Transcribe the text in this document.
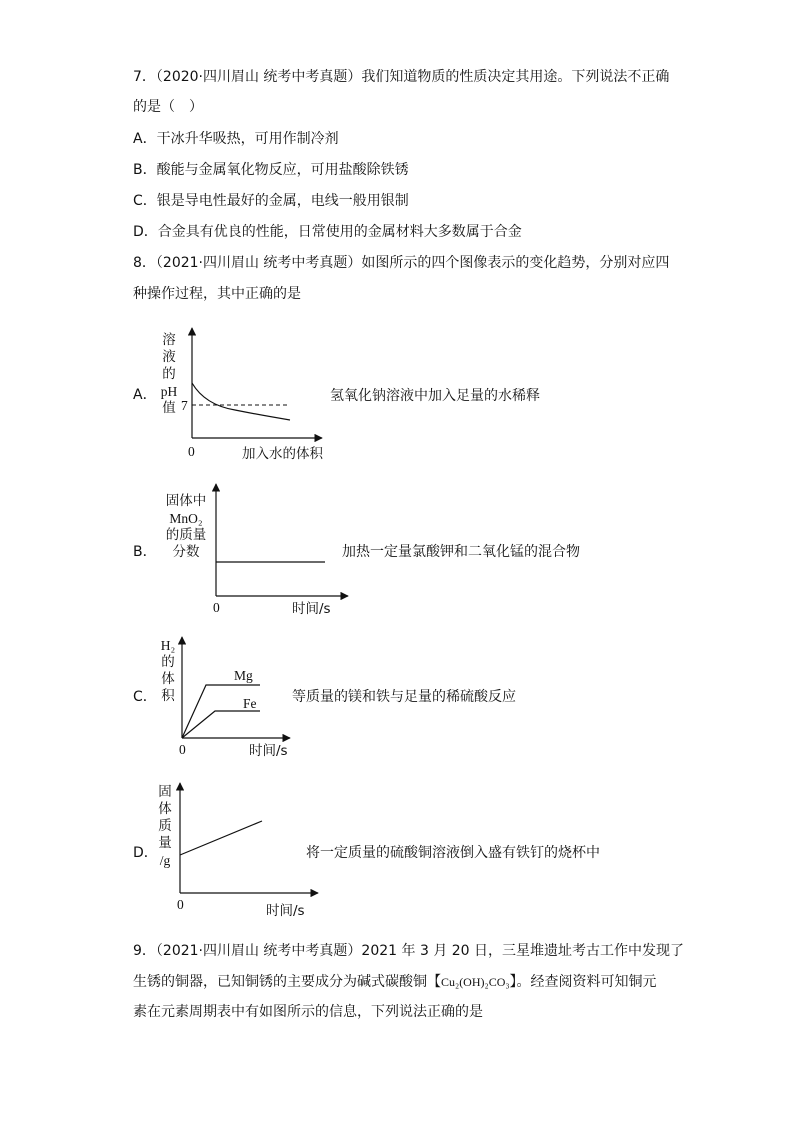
7．（2020·四川眉山 统考中考真题）我们知道物质的性质决定其用途。下列说法不正确
的是（　）
A．干冰升华吸热，可用作制冷剂
B．酸能与金属氧化物反应，可用盐酸除铁锈
C．银是导电性最好的金属，电线一般用银制
D．合金具有优良的性能，日常使用的金属材料大多数属于合金
8．（2021·四川眉山 统考中考真题）如图所示的四个图像表示的变化趋势，分别对应四
种操作过程，其中正确的是
A．
溶
液
的
pH
值 7
0	加入水的体积
氢氧化钠溶液中加入足量的水稀释
B．
固体中
MnO₂
的质量
分数
0	时间/s
加热一定量氯酸钾和二氧化锰的混合物
C．
H₂
的
体
积
Mg
Fe
0	时间/s
等质量的镁和铁与足量的稀硫酸反应
D．
固
体
质
量
/g
0	时间/s
将一定质量的硫酸铜溶液倒入盛有铁钉的烧杯中
9．（2021·四川眉山 统考中考真题）2021 年 3 月 20 日，三星堆遗址考古工作中发现了
生锈的铜器，已知铜锈的主要成分为碱式碳酸铜【Cu₂(OH)₂CO₃】。经查阅资料可知铜元
素在元素周期表中有如图所示的信息，下列说法正确的是
